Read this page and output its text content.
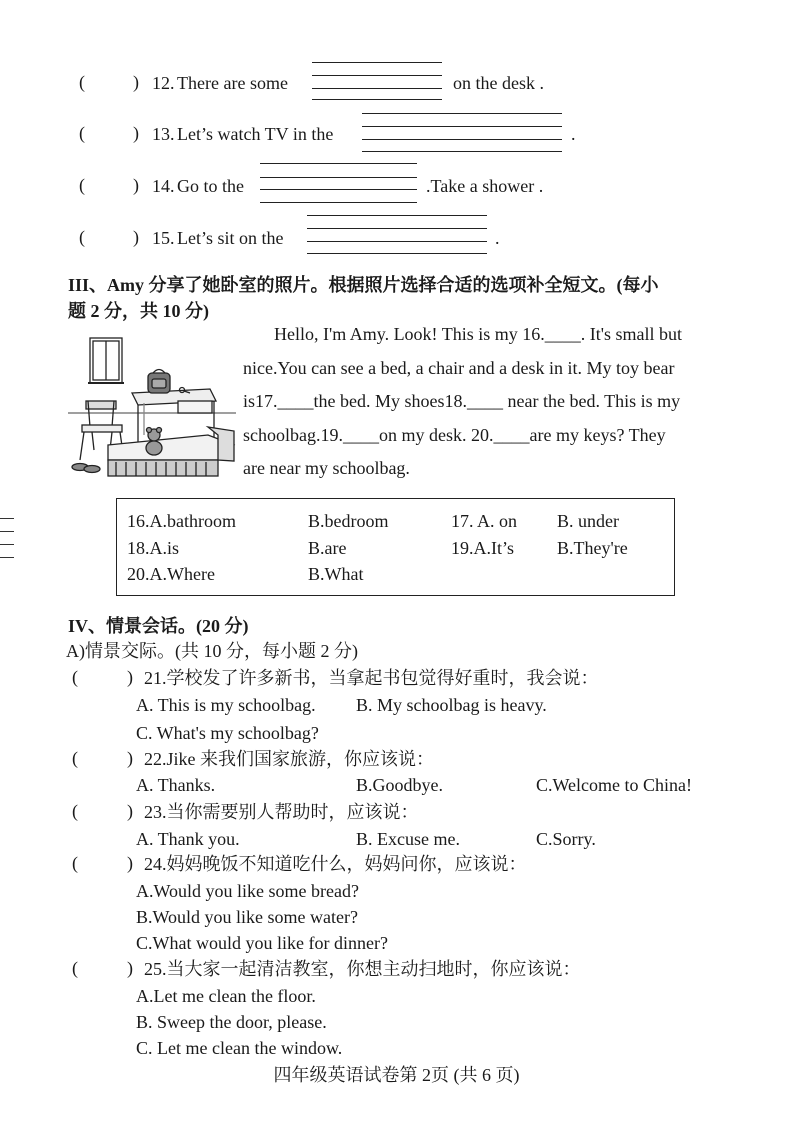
(	) 12. There are some	on the desk .
(	) 13. Let’s watch TV in the	.
(	) 14. Go to the	.Take a shower .
(	) 15. Let’s sit on the	.
III、Amy 分享了她卧室的照片。根据照片选择合适的选项补全短文。(每小
题 2 分，共 10 分)
Hello, I'm Amy. Look! This is my 16.____. It's small but
nice.You can see a bed, a chair and a desk in it. My toy bear
is17.____the bed. My shoes18.____ near the bed. This is my
schoolbag.19.____on my desk. 20.____are my keys? They
are near my schoolbag.
16.A.bathroom	B.bedroom	17. A. on B. under
18.A.is	B.are	19.A.It’s B.They're
20.A.Where	B.What
IV、情景会话。(20 分)
A)情景交际。(共 10 分，每小题 2 分)
(	) 21.学校发了许多新书，当拿起书包觉得好重时，我会说：
A. This is my schoolbag. B. My schoolbag is heavy.
C. What's my schoolbag?
(	) 22.Jike 来我们国家旅游，你应该说：
A. Thanks.	B.Goodbye.	C.Welcome to China!
(	) 23.当你需要别人帮助时，应该说：
A. Thank you.	B. Excuse me.	C.Sorry.
(	) 24.妈妈晚饭不知道吃什么，妈妈问你，应该说：
A.Would you like some bread?
B.Would you like some water?
C.What would you like for dinner?
(	) 25.当大家一起清洁教室，你想主动扫地时，你应该说：
A.Let me clean the floor.
B. Sweep the door, please.
C. Let me clean the window.
四年级英语试卷第 2页 (共 6 页)
